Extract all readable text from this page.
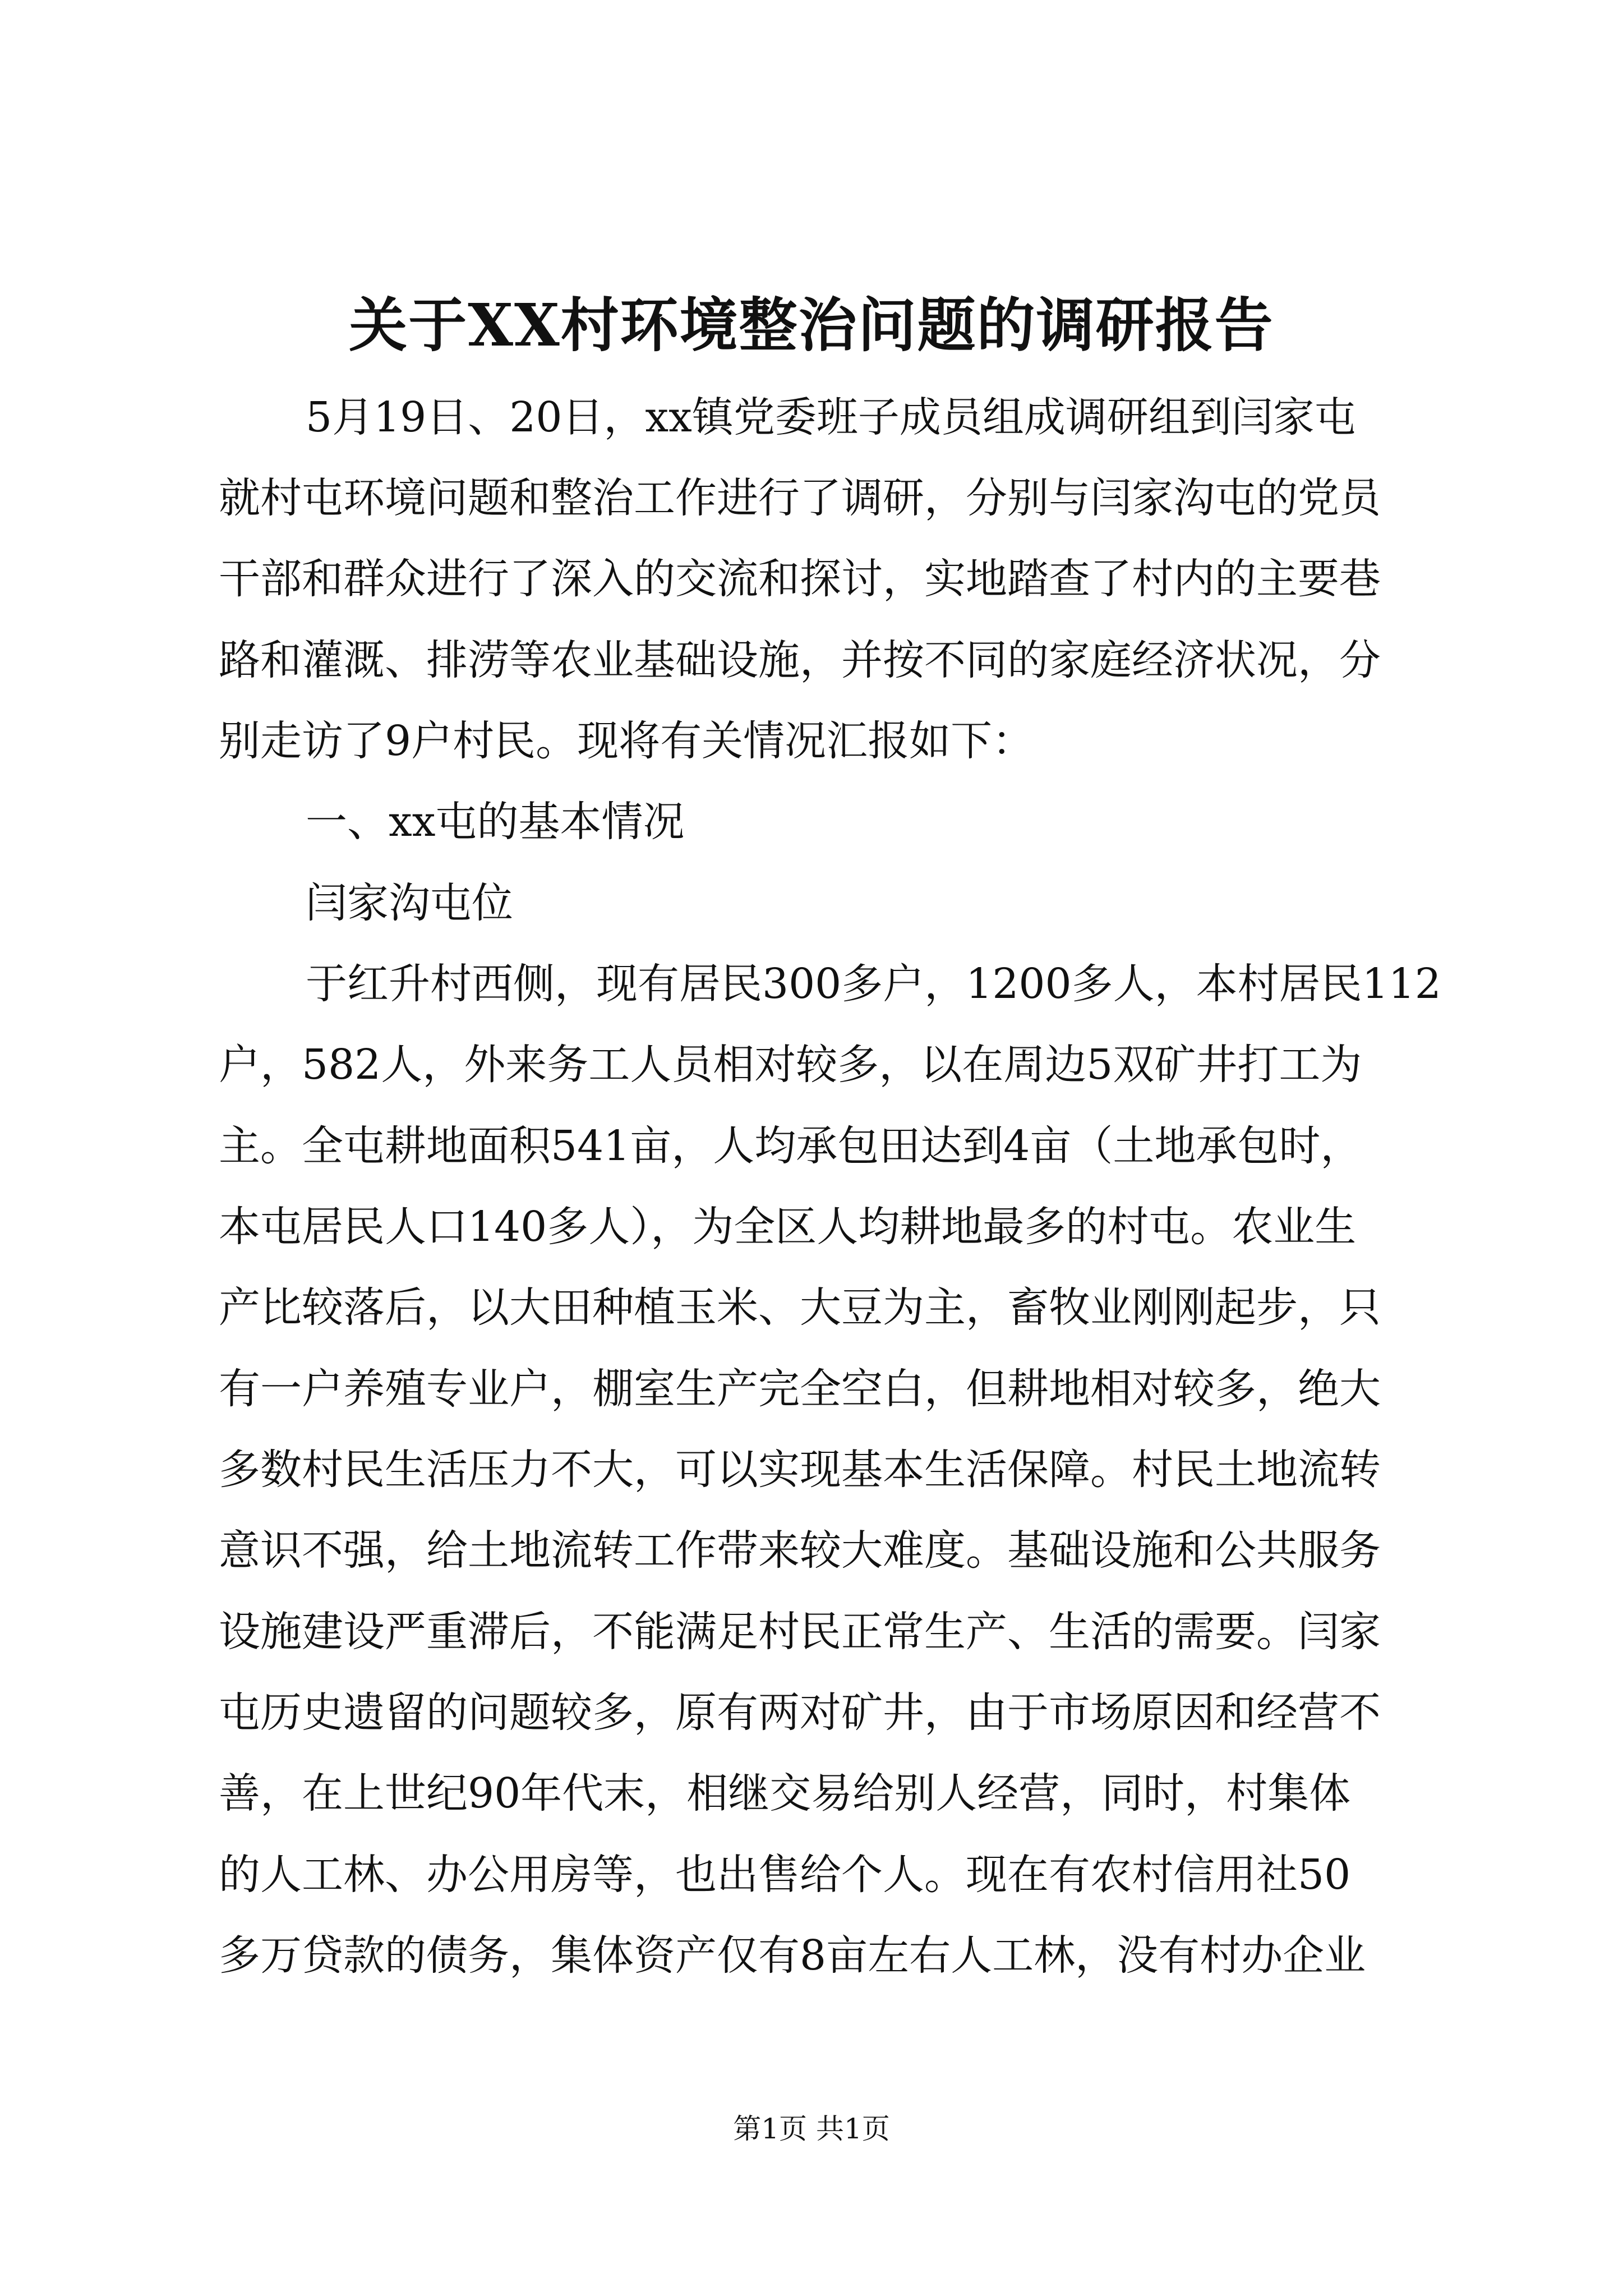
关于XX村环境整治问题的调研报告

5月19日、20日，xx镇党委班子成员组成调研组到闫家屯

就村屯环境问题和整治工作进行了调研，分别与闫家沟屯的党员

干部和群众进行了深入的交流和探讨，实地踏查了村内的主要巷

路和灌溉、排涝等农业基础设施，并按不同的家庭经济状况，分

别走访了9户村民。现将有关情况汇报如下：

一、xx屯的基本情况

闫家沟屯位

于红升村西侧，现有居民300多户，1200多人，本村居民112

户，582人，外来务工人员相对较多，以在周边5双矿井打工为

主。全屯耕地面积541亩，人均承包田达到4亩（土地承包时，

本屯居民人口140多人），为全区人均耕地最多的村屯。农业生

产比较落后，以大田种植玉米、大豆为主，畜牧业刚刚起步，只

有一户养殖专业户，棚室生产完全空白，但耕地相对较多，绝大

多数村民生活压力不大，可以实现基本生活保障。村民土地流转

意识不强，给土地流转工作带来较大难度。基础设施和公共服务

设施建设严重滞后，不能满足村民正常生产、生活的需要。闫家

屯历史遗留的问题较多，原有两对矿井，由于市场原因和经营不

善，在上世纪90年代末，相继交易给别人经营，同时，村集体

的人工林、办公用房等，也出售给个人。现在有农村信用社50

多万贷款的债务，集体资产仅有8亩左右人工林，没有村办企业

第1页 共1页
